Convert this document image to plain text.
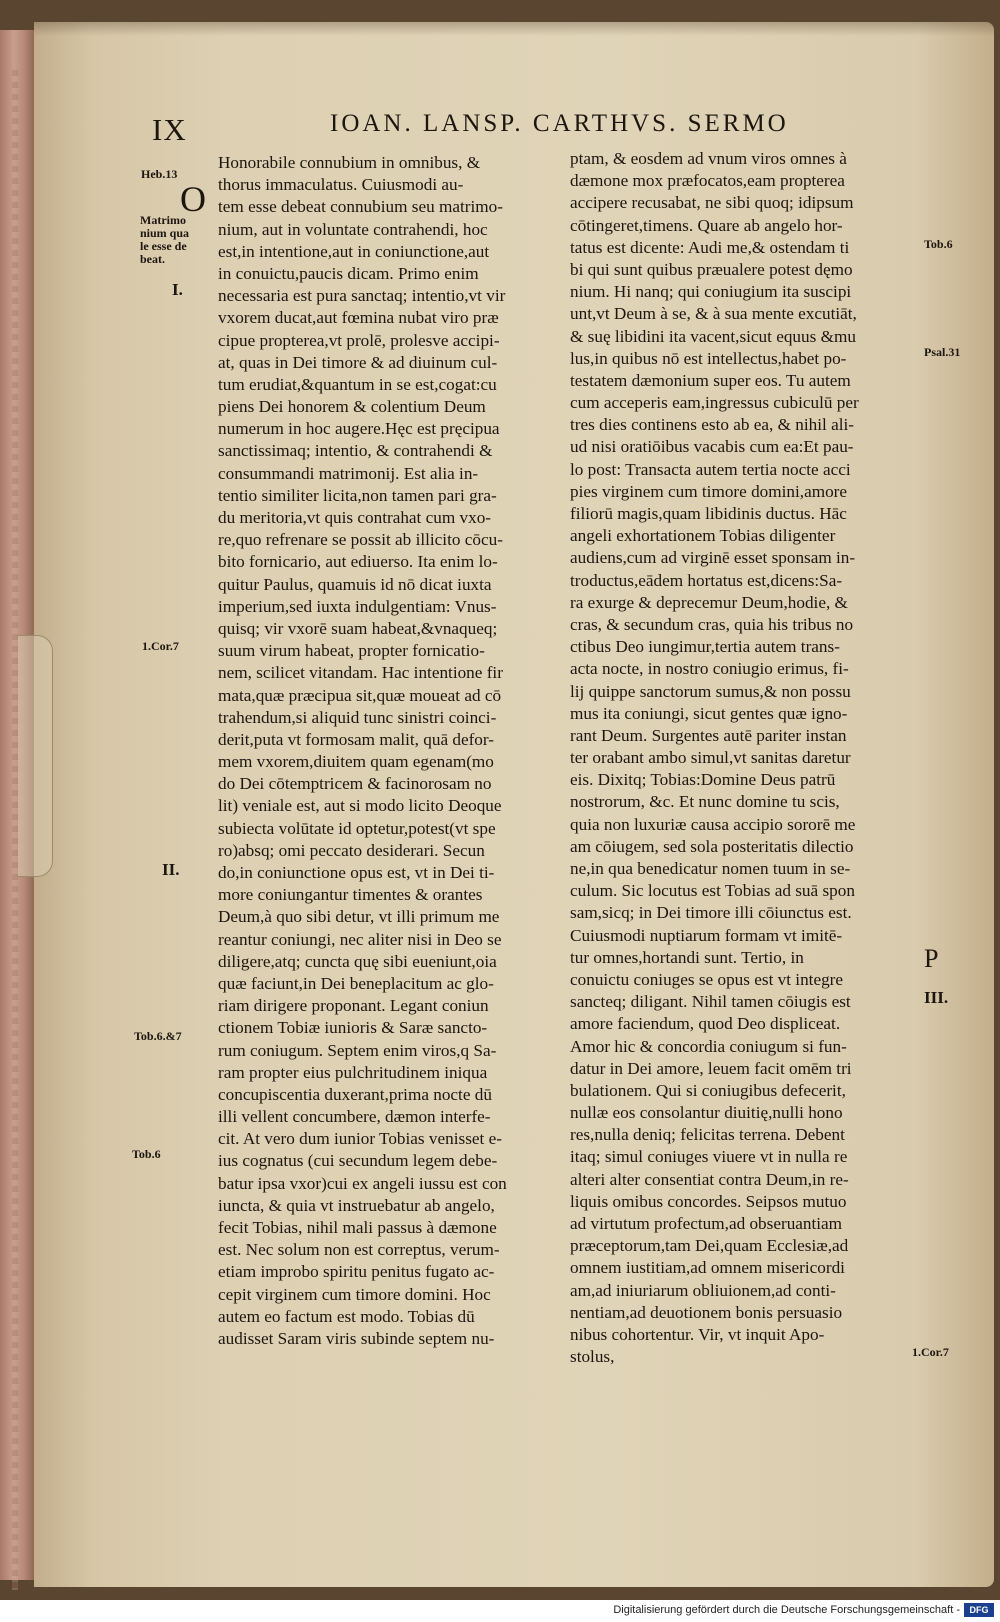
IX	IOAN. LANSP. CARTHVS. SERMO
O
Heb.13
Matrimo
nium qua
le esse de
beat.
I.
1.Cor.7
II.
Tob.6.&7
Tob.6
Tob.6
Psal.31
P
III.
1.Cor.7
Honorabile connubium in omnibus, &
thorus immaculatus. Cuiusmodi au-
tem esse debeat connubium seu matrimo-
nium, aut in voluntate contrahendi, hoc
est,in intentione,aut in coniunctione,aut
in conuictu,paucis dicam. Primo enim
necessaria est pura sanctaq; intentio,vt vir
vxorem ducat,aut fœmina nubat viro præ
cipue propterea,vt prolē, prolesve accipi-
at, quas in Dei timore & ad diuinum cul-
tum erudiat,&quantum in se est,cogat:cu
piens Dei honorem & colentium Deum
numerum in hoc augere.Hęc est pręcipua
sanctissimaq; intentio, & contrahendi &
consummandi matrimonij. Est alia in-
tentio similiter licita,non tamen pari gra-
du meritoria,vt quis contrahat cum vxo-
re,quo refrenare se possit ab illicito cōcu-
bito fornicario, aut ediuerso. Ita enim lo-
quitur Paulus, quamuis id nō dicat iuxta
imperium,sed iuxta indulgentiam: Vnus-
quisq; vir vxorē suam habeat,&vnaqueq;
suum virum habeat, propter fornicatio-
nem, scilicet vitandam. Hac intentione fir
mata,quæ præcipua sit,quæ moueat ad cō
trahendum,si aliquid tunc sinistri coinci-
derit,puta vt formosam malit, quā defor-
mem vxorem,diuitem quam egenam(mo
do Dei cōtemptricem & facinorosam no
lit) veniale est, aut si modo licito Deoque
subiecta volūtate id optetur,potest(vt spe
ro)absq; omi peccato desiderari. Secun
do,in coniunctione opus est, vt in Dei ti-
more coniungantur timentes & orantes
Deum,à quo sibi detur, vt illi primum me
reantur coniungi, nec aliter nisi in Deo se
diligere,atq; cuncta quę sibi eueniunt,oia
quæ faciunt,in Dei beneplacitum ac glo-
riam dirigere proponant. Legant coniun
ctionem Tobiæ iunioris & Saræ sancto-
rum coniugum. Septem enim viros,q Sa-
ram propter eius pulchritudinem iniqua
concupiscentia duxerant,prima nocte dū
illi vellent concumbere, dæmon interfe-
cit. At vero dum iunior Tobias venisset e-
ius cognatus (cui secundum legem debe-
batur ipsa vxor)cui ex angeli iussu est con
iuncta, & quia vt instruebatur ab angelo,
fecit Tobias, nihil mali passus à dæmone
est. Nec solum non est correptus, verum-
etiam improbo spiritu penitus fugato ac-
cepit virginem cum timore domini. Hoc
autem eo factum est modo. Tobias dū
audisset Saram viris subinde septem nu-
ptam, & eosdem ad vnum viros omnes à
dæmone mox præfocatos,eam propterea
accipere recusabat, ne sibi quoq; idipsum
cōtingeret,timens. Quare ab angelo hor-
tatus est dicente: Audi me,& ostendam ti
bi qui sunt quibus præualere potest dęmo
nium. Hi nanq; qui coniugium ita suscipi
unt,vt Deum à se, & à sua mente excutiāt,
& suę libidini ita vacent,sicut equus &mu
lus,in quibus nō est intellectus,habet po-
testatem dæmonium super eos. Tu autem
cum acceperis eam,ingressus cubiculū per
tres dies continens esto ab ea, & nihil ali-
ud nisi oratiōibus vacabis cum ea:Et pau-
lo post: Transacta autem tertia nocte acci
pies virginem cum timore domini,amore
filiorū magis,quam libidinis ductus. Hāc
angeli exhortationem Tobias diligenter
audiens,cum ad virginē esset sponsam in-
troductus,eādem hortatus est,dicens:Sa-
ra exurge & deprecemur Deum,hodie, &
cras, & secundum cras, quia his tribus no
ctibus Deo iungimur,tertia autem trans-
acta nocte, in nostro coniugio erimus, fi-
lij quippe sanctorum sumus,& non possu
mus ita coniungi, sicut gentes quæ igno-
rant Deum. Surgentes autē pariter instan
ter orabant ambo simul,vt sanitas daretur
eis. Dixitq; Tobias:Domine Deus patrū
nostrorum, &c. Et nunc domine tu scis,
quia non luxuriæ causa accipio sororē me
am cōiugem, sed sola posteritatis dilectio
ne,in qua benedicatur nomen tuum in se-
culum. Sic locutus est Tobias ad suā spon
sam,sicq; in Dei timore illi cōiunctus est.
Cuiusmodi nuptiarum formam vt imitē-
tur omnes,hortandi sunt. Tertio, in
conuictu coniuges se opus est vt integre
sancteq; diligant. Nihil tamen cōiugis est
amore faciendum, quod Deo displiceat.
Amor hic & concordia coniugum si fun-
datur in Dei amore, leuem facit omēm tri
bulationem. Qui si coniugibus defecerit,
nullæ eos consolantur diuitię,nulli hono
res,nulla deniq; felicitas terrena. Debent
itaq; simul coniuges viuere vt in nulla re
alteri alter consentiat contra Deum,in re-
liquis omibus concordes. Seipsos mutuo
ad virtutum profectum,ad obseruantiam
præceptorum,tam Dei,quam Ecclesiæ,ad
omnem iustitiam,ad omnem misericordi
am,ad iniuriarum obliuionem,ad conti-
nentiam,ad deuotionem bonis persuasio
nibus cohortentur. Vir, vt inquit Apo-
stolus,
Digitalisierung gefördert durch die Deutsche Forschungsgemeinschaft -	DFG
